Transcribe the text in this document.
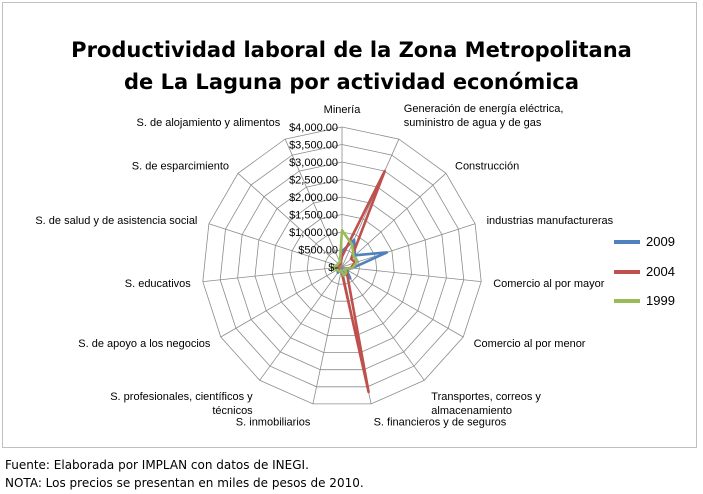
Productividad laboral de la Zona Metropolitana
de La Laguna por actividad económica
$-
$500.00
$1,000.00
$1,500.00
$2,000.00
$2,500.00
$3,000.00
$3,500.00
$4,000.00
Minería	Generación de energía eléctrica, suministro de agua y de gas
Construcción
industrias manufactureras
Comercio al por mayor
Comercio al por menor
Transportes, correos y almacenamiento
S. financieros y de seguros
S. inmobiliarios
S. profesionales, científicos y técnicos
S. de apoyo a los negocios
S. educativos
S. de salud y de asistencia social
S. de esparcimiento
S. de alojamiento y alimentos
2009
2004
1999
Fuente: Elaborada por IMPLAN con datos de INEGI.
NOTA: Los precios se presentan en miles de pesos de 2010.
